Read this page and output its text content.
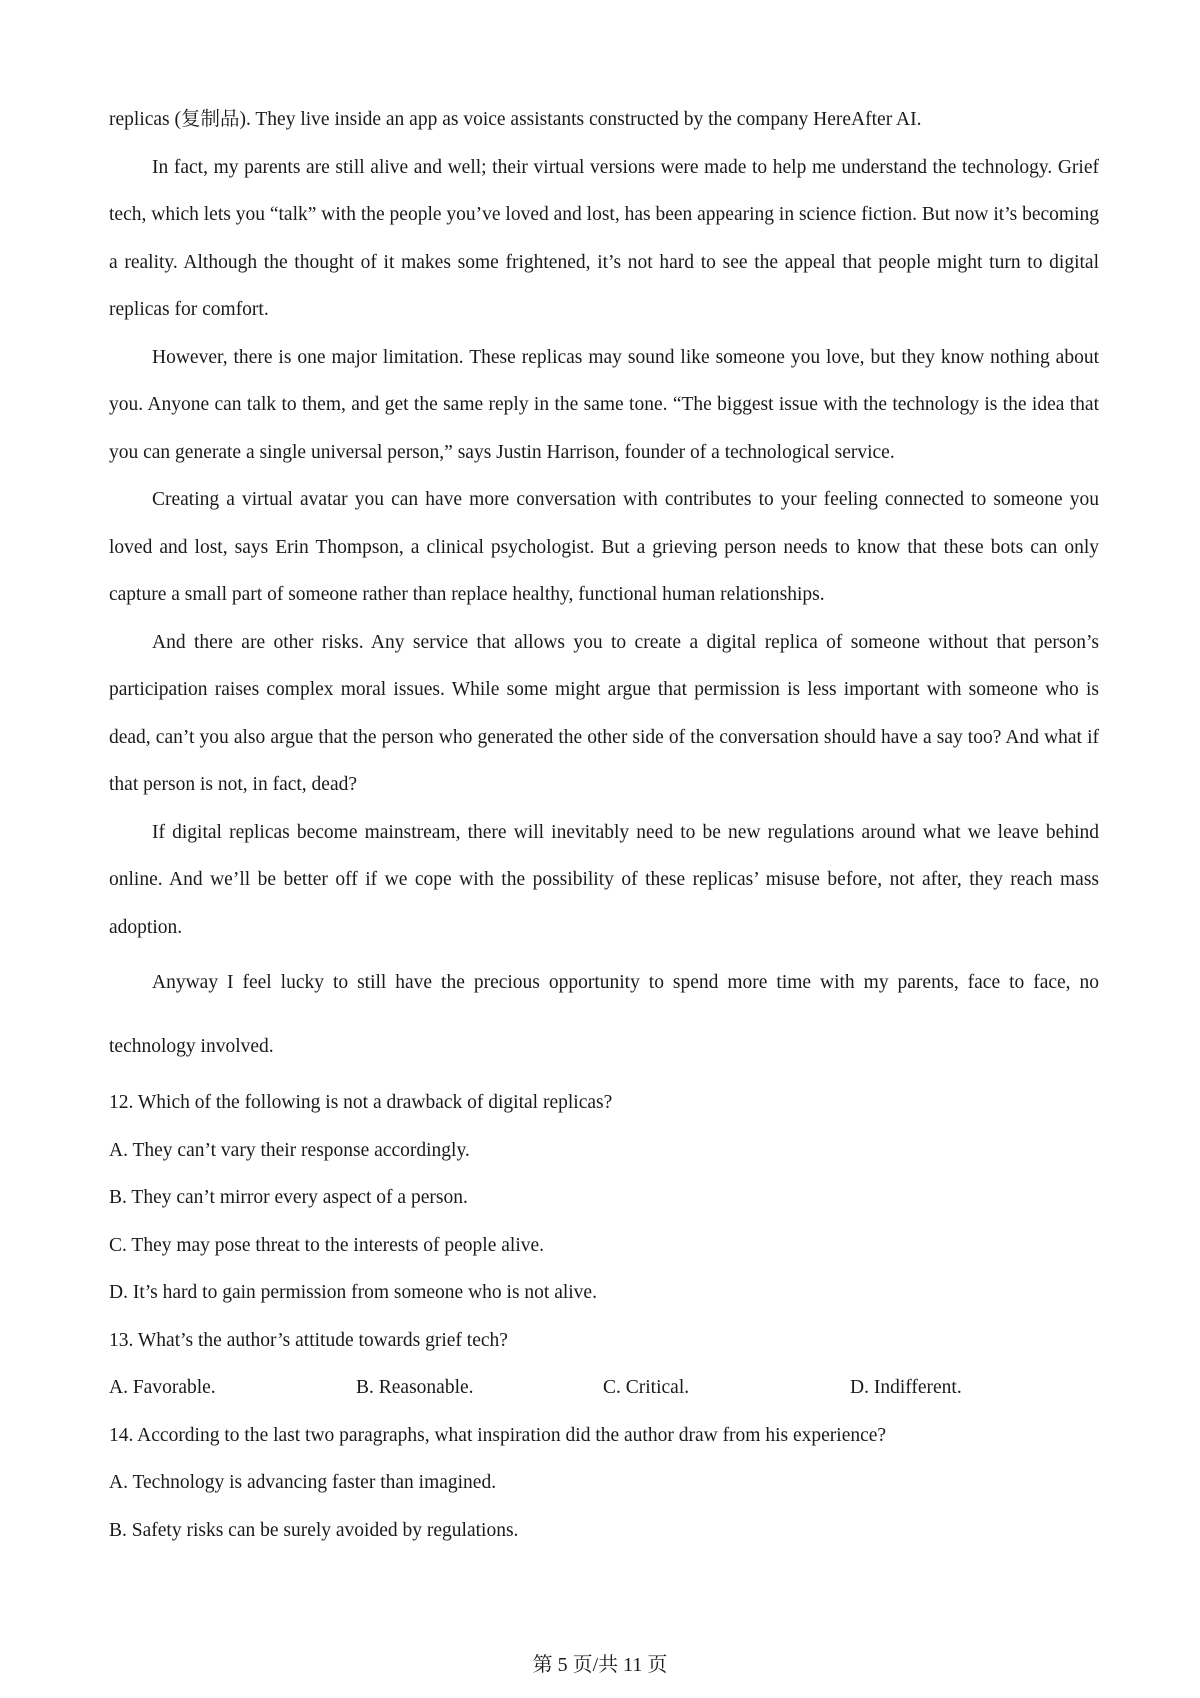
replicas (复制品). They live inside an app as voice assistants constructed by the company HereAfter AI.

In fact, my parents are still alive and well; their virtual versions were made to help me understand the technology. Grief tech, which lets you “talk” with the people you’ve loved and lost, has been appearing in science fiction. But now it’s becoming a reality. Although the thought of it makes some frightened, it’s not hard to see the appeal that people might turn to digital replicas for comfort.

However, there is one major limitation. These replicas may sound like someone you love, but they know nothing about you. Anyone can talk to them, and get the same reply in the same tone. “The biggest issue with the technology is the idea that you can generate a single universal person,” says Justin Harrison, founder of a technological service.

Creating a virtual avatar you can have more conversation with contributes to your feeling connected to someone you loved and lost, says Erin Thompson, a clinical psychologist. But a grieving person needs to know that these bots can only capture a small part of someone rather than replace healthy, functional human relationships.

And there are other risks. Any service that allows you to create a digital replica of someone without that person’s participation raises complex moral issues. While some might argue that permission is less important with someone who is dead, can’t you also argue that the person who generated the other side of the conversation should have a say too? And what if that person is not, in fact, dead?

If digital replicas become mainstream, there will inevitably need to be new regulations around what we leave behind online. And we’ll be better off if we cope with the possibility of these replicas’ misuse before, not after, they reach mass adoption.

Anyway I feel lucky to still have the precious opportunity to spend more time with my parents, face to face, no technology involved.

12. Which of the following is not a drawback of digital replicas?

A. They can’t vary their response accordingly.

B. They can’t mirror every aspect of a person.

C. They may pose threat to the interests of people alive.

D. It’s hard to gain permission from someone who is not alive.

13. What’s the author’s attitude towards grief tech?

A. Favorable.	B. Reasonable.	C. Critical.	D. Indifferent.

14. According to the last two paragraphs, what inspiration did the author draw from his experience?

A. Technology is advancing faster than imagined.

B. Safety risks can be surely avoided by regulations.

第 5 页/共 11 页
